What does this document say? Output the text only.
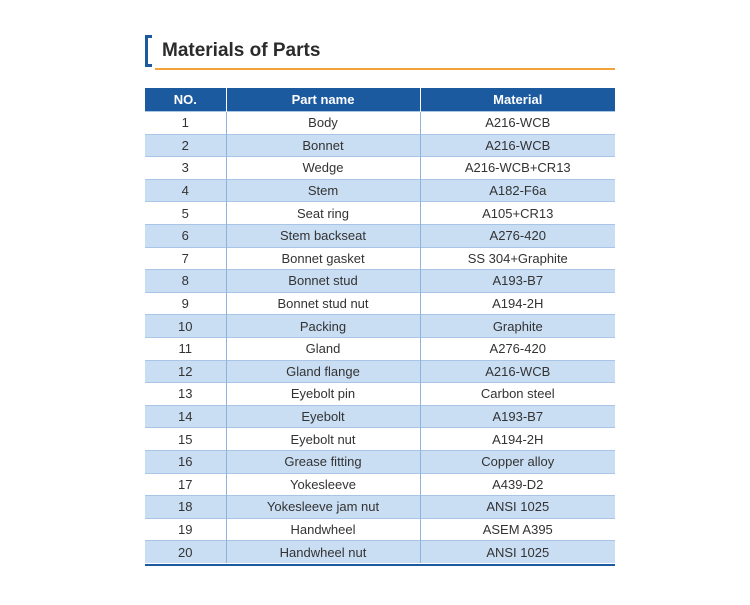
Materials of Parts
NO.	Part name	Material
1	Body	A216-WCB
2	Bonnet	A216-WCB
3	Wedge	A216-WCB+CR13
4	Stem	A182-F6a
5	Seat ring	A105+CR13
6	Stem backseat	A276-420
7	Bonnet gasket	SS 304+Graphite
8	Bonnet stud	A193-B7
9	Bonnet stud nut	A194-2H
10	Packing	Graphite
11	Gland	A276-420
12	Gland flange	A216-WCB
13	Eyebolt pin	Carbon steel
14	Eyebolt	A193-B7
15	Eyebolt nut	A194-2H
16	Grease fitting	Copper alloy
17	Yokesleeve	A439-D2
18	Yokesleeve jam nut	ANSI 1025
19	Handwheel	ASEM A395
20	Handwheel nut	ANSI 1025
